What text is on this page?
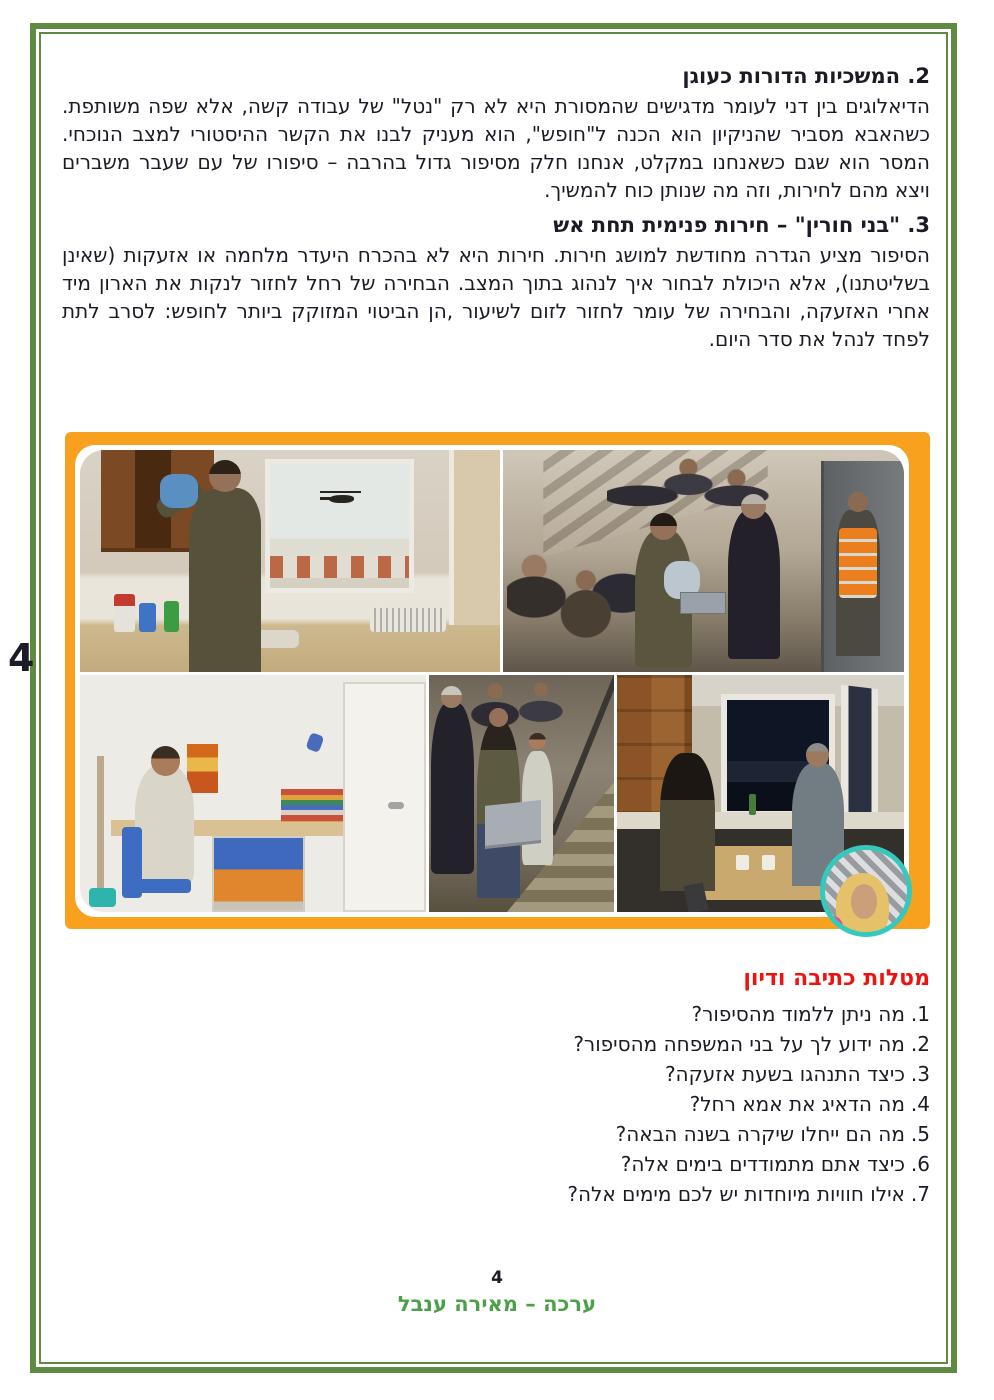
4
2. המשכיות הדורות כעוגן

הדיאלוגים בין דני לעומר מדגישים שהמסורת היא לא רק "נטל" של עבודה קשה, אלא שפה משותפת. כשהאבא מסביר שהניקיון הוא הכנה ל"חופש", הוא מעניק לבנו את הקשר ההיסטורי למצב הנוכחי. המסר הוא שגם כשאנחנו במקלט, אנחנו חלק מסיפור גדול בהרבה – סיפורו של עם שעבר משברים ויצא מהם לחירות, וזה מה שנותן כוח להמשיך.

3. "בני חורין" – חירות פנימית תחת אש

הסיפור מציע הגדרה מחודשת למושג חירות. חירות היא לא בהכרח היעדר מלחמה או אזעקות (שאינן בשליטתנו), אלא היכולת לבחור איך לנהוג בתוך המצב. הבחירה של רחל לחזור לנקות את הארון מיד אחרי האזעקה, והבחירה של עומר לחזור לזום לשיעור ,הן הביטוי המזוקק ביותר לחופש: לסרב לתת לפחד לנהל את סדר היום.

מטלות כתיבה ודיון
1.מה ניתן ללמוד מהסיפור?
2.מה ידוע לך על בני המשפחה מהסיפור?
3.כיצד התנהגו בשעת אזעקה?
4.מה הדאיג את אמא רחל?
5.מה הם ייחלו שיקרה בשנה הבאה?
6.כיצד אתם מתמודדים בימים אלה?
7.אילו חוויות מיוחדות יש לכם מימים אלה?
4
ערכה – מאירה ענבל
